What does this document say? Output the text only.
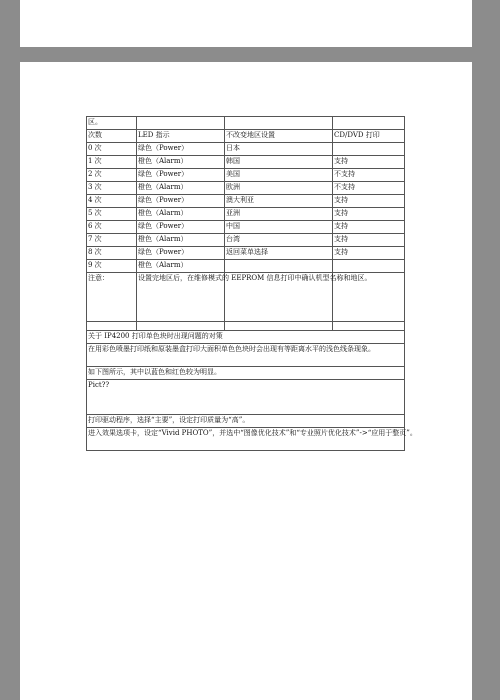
区。			
次数	LED 指示	不改变地区设置	CD/DVD 打印
0 次	绿色（Power）	日本	
1 次	橙色（Alarm）	韩国	支持
2 次	绿色（Power）	美国	不支持
3 次	橙色（Alarm）	欧洲	不支持
4 次	绿色（Power）	澳大利亚	支持
5 次	橙色（Alarm）	亚洲	支持
6 次	绿色（Power）	中国	支持
7 次	橙色（Alarm）	台湾	支持
8 次	绿色（Power）	返回菜单选择	支持
9 次	橙色（Alarm）		
注意：	设置完地区后，在维修模式的 EEPROM 信息打印中确认机型名称和地区。		

关于 IP4200 打印单色块时出现问题的对策			
在用彩色喷墨打印纸和原装墨盒打印大面积单色色块时会出现有等距离水平的浅色线条现象。			
如下图所示，其中以蓝色和红色较为明显。			
Pict??			
打印驱动程序，选择“主要”，设定打印质量为“高”。			
进入效果选项卡，设定“Vivid PHOTO”，并选中“图像优化技术”和“专业照片优化技术”->“应用于整页”。			
